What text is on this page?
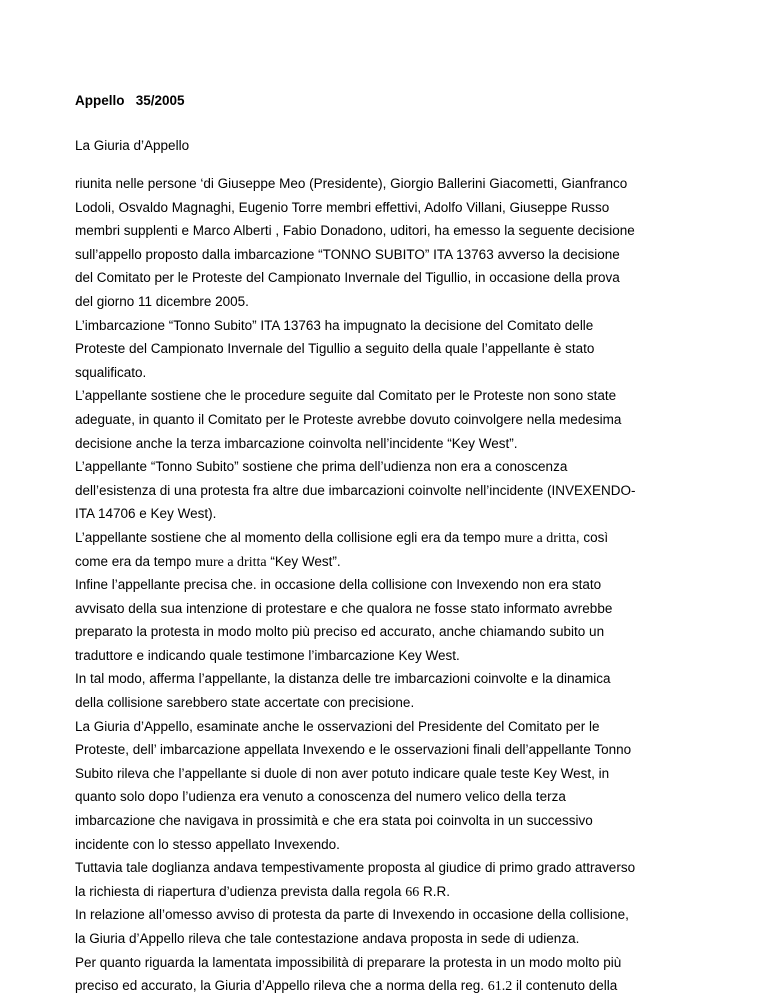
Appello   35/2005
La Giuria d’Appello
riunita nelle persone ‘di Giuseppe Meo (Presidente), Giorgio Ballerini Giacometti, Gianfranco
Lodoli, Osvaldo Magnaghi, Eugenio Torre membri effettivi, Adolfo Villani, Giuseppe Russo
membri supplenti e Marco Alberti , Fabio Donadono, uditori, ha emesso la seguente decisione
sull’appello proposto dalla imbarcazione “TONNO SUBITO” ITA 13763 avverso la decisione
del Comitato per le Proteste del Campionato Invernale del Tigullio, in occasione della prova
del giorno 11 dicembre 2005.
L’imbarcazione “Tonno Subito” ITA 13763 ha impugnato la decisione del Comitato delle
Proteste del Campionato Invernale del Tigullio a seguito della quale l’appellante è stato
squalificato.
L’appellante sostiene che le procedure seguite dal Comitato per le Proteste non sono state
adeguate, in quanto il Comitato per le Proteste avrebbe dovuto coinvolgere nella medesima
decisione anche la terza imbarcazione coinvolta nell’incidente “Key West”.
L’appellante “Tonno Subito” sostiene che prima dell’udienza non era a conoscenza
dell’esistenza di una protesta fra altre due imbarcazioni coinvolte nell’incidente (INVEXENDO-
ITA 14706 e Key West).
L’appellante sostiene che al momento della collisione egli era da tempo mure a dritta, così
come era da tempo mure a dritta “Key West”.
Infine l’appellante precisa che. in occasione della collisione con Invexendo non era stato
avvisato della sua intenzione di protestare e che qualora ne fosse stato informato avrebbe
preparato la protesta in modo molto più preciso ed accurato, anche chiamando subito un
traduttore e indicando quale testimone l’imbarcazione Key West.
In tal modo, afferma l’appellante, la distanza delle tre imbarcazioni coinvolte e la dinamica
della collisione sarebbero state accertate con precisione.
La Giuria d’Appello, esaminate anche le osservazioni del Presidente del Comitato per le
Proteste, dell’ imbarcazione appellata Invexendo e le osservazioni finali dell’appellante Tonno
Subito rileva che l’appellante si duole di non aver potuto indicare quale teste Key West, in
quanto solo dopo l’udienza era venuto a conoscenza del numero velico della terza
imbarcazione che navigava in prossimità e che era stata poi coinvolta in un successivo
incidente con lo stesso appellato Invexendo.
Tuttavia tale doglianza andava tempestivamente proposta al giudice di primo grado attraverso
la richiesta di riapertura d’udienza prevista dalla regola 66 R.R.
In relazione all’omesso avviso di protesta da parte di Invexendo in occasione della collisione,
la Giuria d’Appello rileva che tale contestazione andava proposta in sede di udienza.
Per quanto riguarda la lamentata impossibilità di preparare la protesta in un modo molto più
preciso ed accurato, la Giuria d’Appello rileva che a norma della reg. 61.2 il contenuto della
